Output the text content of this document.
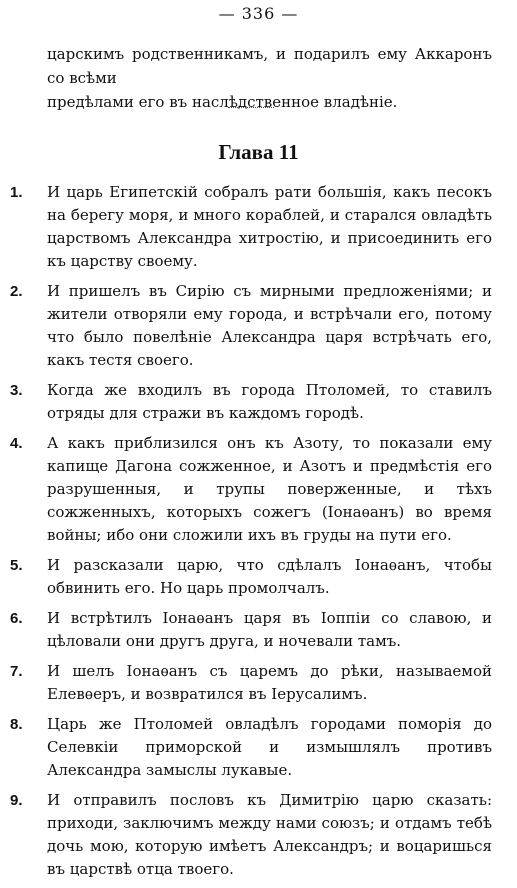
— 336 —

царскимъ родственникамъ, и подарилъ ему Аккаронъ со всѣми

предѣлами его въ наслѣдственное владѣніе.

Глава 11
1.	И царь Египетскій собралъ рати большія, какъ песокъ на берегу моря, и много кораблей, и старался овладѣть царствомъ Александра хитростію, и присоединить его къ царству своему.
2.	И пришелъ въ Сирію съ мирными предложеніями; и жители отворяли ему города, и встрѣчали его, потому что было повелѣніе Александра царя встрѣчать его, какъ тестя своего.
3.	Когда же входилъ въ города Птоломей, то ставилъ отряды для стражи въ каждомъ городѣ.
4.	А какъ приблизился онъ къ Азоту, то показали ему капище Дагона сожженное, и Азотъ и предмѣстія его разрушенныя, и трупы поверженные, и тѣхъ сожженныхъ, которыхъ сожегъ (Іонаѳанъ) во время войны; ибо они сложили ихъ въ груды на пути его.
5.	И разсказали царю, что сдѣлалъ Іонаѳанъ, чтобы обвинить его. Но царь промолчалъ.
6.	И встрѣтилъ Іонаѳанъ царя въ Іоппіи со славою, и цѣловали они другъ друга, и ночевали тамъ.
7.	И шелъ Іонаѳанъ съ царемъ до рѣки, называемой Елевѳеръ, и возвратился въ Іерусалимъ.
8.	Царь же Птоломей овладѣлъ городами поморія до Селевкіи приморской и измышлялъ противъ Александра замыслы лукавые.
9.	И отправилъ пословъ къ Димитрію царю сказать: приходи, заключимъ между нами союзъ; и отдамъ тебѣ дочь мою, которую имѣетъ Александръ; и воцаришься въ царствѣ отца твоего.
